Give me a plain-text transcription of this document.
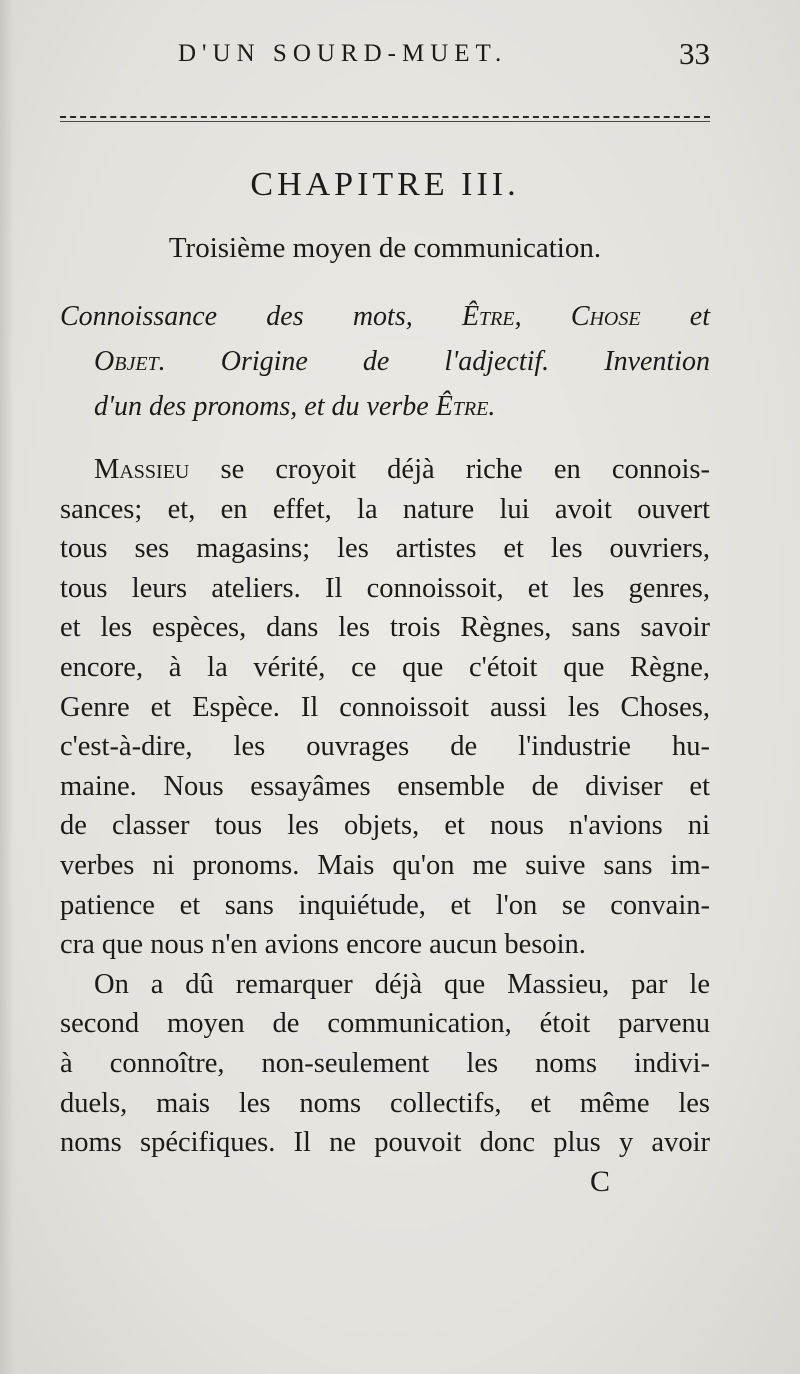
D'UN SOURD-MUET.	33
CHAPITRE III.
Troisième moyen de communication.
Connoissance des mots, Être, Chose et
Objet. Origine de l'adjectif. Invention
d'un des pronoms, et du verbe Être.
Massieu se croyoit déjà riche en connois-
sances; et, en effet, la nature lui avoit ouvert
tous ses magasins; les artistes et les ouvriers,
tous leurs ateliers. Il connoissoit, et les genres,
et les espèces, dans les trois Règnes, sans savoir
encore, à la vérité, ce que c'étoit que Règne,
Genre et Espèce. Il connoissoit aussi les Choses,
c'est-à-dire, les ouvrages de l'industrie hu-
maine. Nous essayâmes ensemble de diviser et
de classer tous les objets, et nous n'avions ni
verbes ni pronoms. Mais qu'on me suive sans im-
patience et sans inquiétude, et l'on se convain-
cra que nous n'en avions encore aucun besoin.
On a dû remarquer déjà que Massieu, par le
second moyen de communication, étoit parvenu
à connoître, non-seulement les noms indivi-
duels, mais les noms collectifs, et même les
noms spécifiques. Il ne pouvoit donc plus y avoir
C
